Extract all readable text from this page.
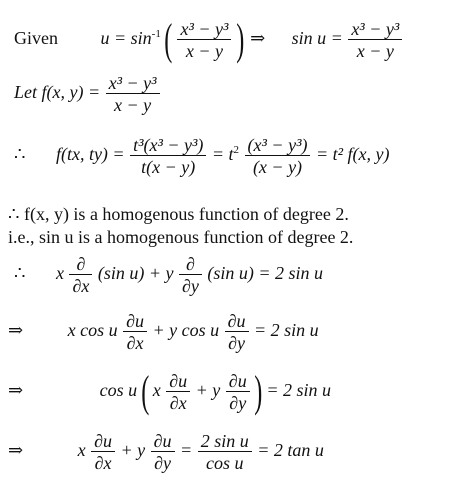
Given $u = \sin^{-1}$ ( $\frac{\text{x³ − y³}}{x - y}$ ) ⇒ $\sin u = \frac{\text{x³ − y³}}{x - y}$
Let f(x, $y) = \frac{\text{x³ − y³}}{x - y}$
∴ f(tx, $ty) = \frac{\text{t³(x³ − y³)}}{t(x - y)} = t^2 \frac{\text{(x³ − y³)}}{(x - y)} = t^2$ f(x, y)
∴ f(x, y) is a homogenous function of degree 2.
i.e., sin u is a homogenous function of degree 2.
∴ x $\frac{\partial}{\partial x} (\sin$ u) + y $\frac{\partial}{\partial y} (\sin$ u) = 2 sin u
⇒ x cos u $\frac{\partial u}{\partial x} + y$ cos u $\frac{\partial u}{\partial y} = 2$ sin u
⇒	cos u ( x $\frac{\partial u}{\partial x} + y \frac{\partial u}{\partial y}$ ) = 2 sin u
⇒	x $\frac{\partial u}{\partial x} + y \frac{\partial u}{\partial y} = \frac{\text{2 sin u}}{\text{cos u}} = 2$ tan u
